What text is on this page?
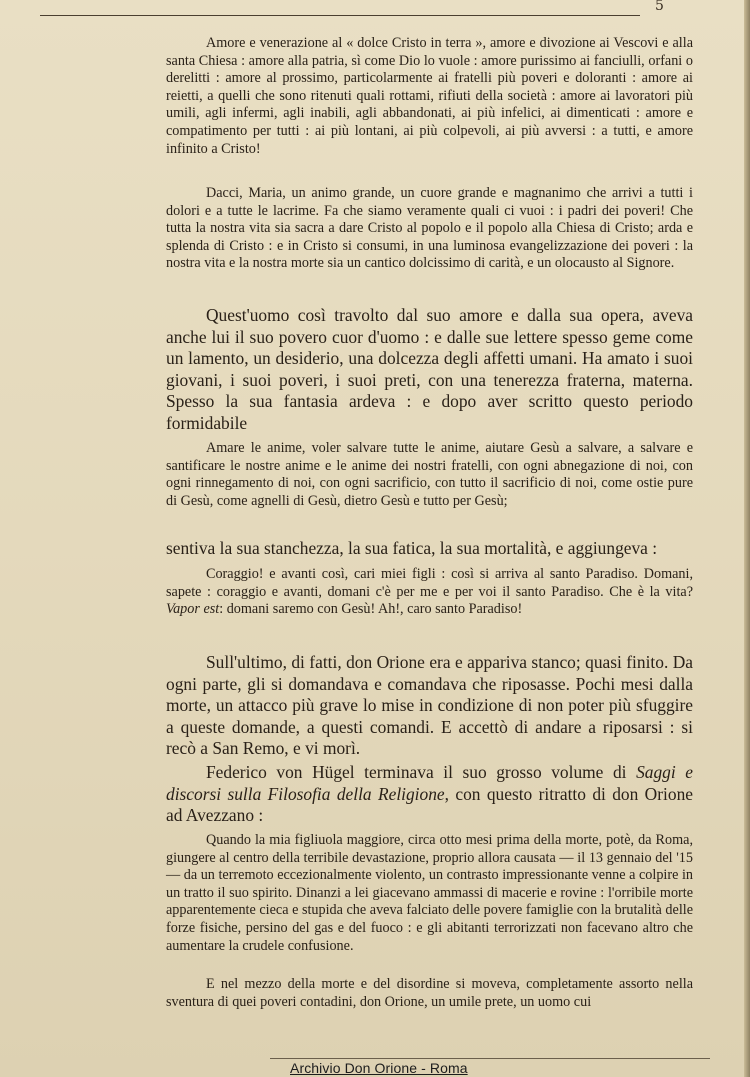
5

Amore e venerazione al « dolce Cristo in terra », amore e divozione ai Vescovi e alla santa Chiesa : amore alla patria, sì come Dio lo vuole : amore purissimo ai fanciulli, orfani o derelitti : amore al prossimo, particolarmente ai fratelli più poveri e doloranti : amore ai reietti, a quelli che sono ritenuti quali rottami, rifiuti della società : amore ai lavoratori più umili, agli infermi, agli inabili, agli abbandonati, ai più infelici, ai dimenticati : amore e compatimento per tutti : ai più lontani, ai più colpevoli, ai più avversi : a tutti, e amore infinito a Cristo!

Dacci, Maria, un animo grande, un cuore grande e magnanimo che arrivi a tutti i dolori e a tutte le lacrime. Fa che siamo veramente quali ci vuoi : i padri dei poveri! Che tutta la nostra vita sia sacra a dare Cristo al popolo e il popolo alla Chiesa di Cristo; arda e splenda di Cristo : e in Cristo si consumi, in una luminosa evangelizzazione dei poveri : la nostra vita e la nostra morte sia un cantico dolcissimo di carità, e un olocausto al Signore.

Quest'uomo così travolto dal suo amore e dalla sua opera, aveva anche lui il suo povero cuor d'uomo : e dalle sue lettere spesso geme come un lamento, un desiderio, una dolcezza degli affetti umani. Ha amato i suoi giovani, i suoi poveri, i suoi preti, con una tenerezza fraterna, materna. Spesso la sua fantasia ardeva : e dopo aver scritto questo periodo formidabile

Amare le anime, voler salvare tutte le anime, aiutare Gesù a salvare, a salvare e santificare le nostre anime e le anime dei nostri fratelli, con ogni abnegazione di noi, con ogni rinnegamento di noi, con ogni sacrificio, con tutto il sacrificio di noi, come ostie pure di Gesù, come agnelli di Gesù, dietro Gesù e tutto per Gesù;

sentiva la sua stanchezza, la sua fatica, la sua mortalità, e aggiungeva :

Coraggio! e avanti così, cari miei figli : così si arriva al santo Paradiso. Domani, sapete : coraggio e avanti, domani c'è per me e per voi il santo Paradiso. Che è la vita? Vapor est: domani saremo con Gesù! Ah!, caro santo Paradiso!

Sull'ultimo, di fatti, don Orione era e appariva stanco; quasi finito. Da ogni parte, gli si domandava e comandava che riposasse. Pochi mesi dalla morte, un attacco più grave lo mise in condizione di non poter più sfuggire a queste domande, a questi comandi. E accettò di andare a riposarsi : si recò a San Remo, e vi morì.

Federico von Hügel terminava il suo grosso volume di Saggi e discorsi sulla Filosofia della Religione, con questo ritratto di don Orione ad Avezzano :

Quando la mia figliuola maggiore, circa otto mesi prima della morte, potè, da Roma, giungere al centro della terribile devastazione, proprio allora causata — il 13 gennaio del '15 — da un terremoto eccezionalmente violento, un contrasto impressionante venne a colpire in un tratto il suo spirito. Dinanzi a lei giacevano ammassi di macerie e rovine : l'orribile morte apparentemente cieca e stupida che aveva falciato delle povere famiglie con la brutalità delle forze fisiche, persino del gas e del fuoco : e gli abitanti terrorizzati non facevano altro che aumentare la crudele confusione.

E nel mezzo della morte e del disordine si moveva, completamente assorto nella sventura di quei poveri contadini, don Orione, un umile prete, un uomo cui

Archivio Don Orione - Roma
